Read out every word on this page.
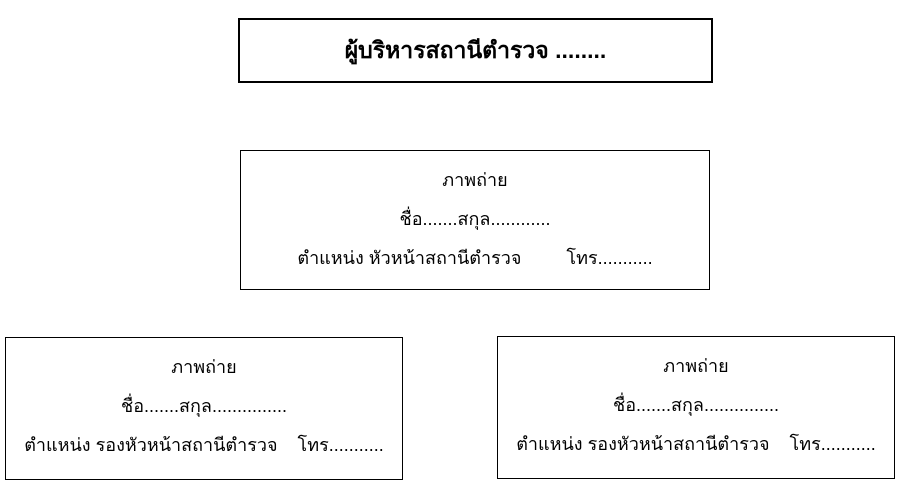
ผู้บริหารสถานีตำรวจ ........
ภาพถ่าย
ชื่อ.......สกุล............
ตำแหน่ง หัวหน้าสถานีตำรวจ         โทร...........
ภาพถ่าย
ชื่อ.......สกุล...............
ตำแหน่ง รองหัวหน้าสถานีตำรวจ    โทร...........
ภาพถ่าย
ชื่อ.......สกุล...............
ตำแหน่ง รองหัวหน้าสถานีตำรวจ    โทร...........
